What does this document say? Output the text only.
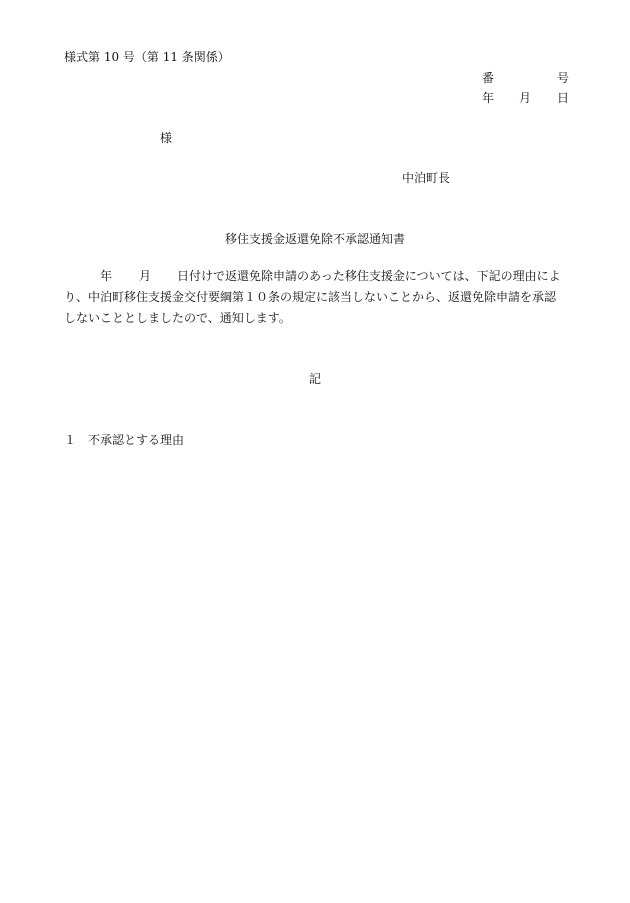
様式第 10 号（第 11 条関係）
番	号
年 月 日
様
中泊町長
移住支援金返還免除不承認通知書
年 月 日付けで返還免除申請のあった移住支援金については、下記の理由によ
り、中泊町移住支援金交付要綱第１０条の規定に該当しないことから、返還免除申請を承認
しないこととしましたので、通知します。
記
１ 不承認とする理由
